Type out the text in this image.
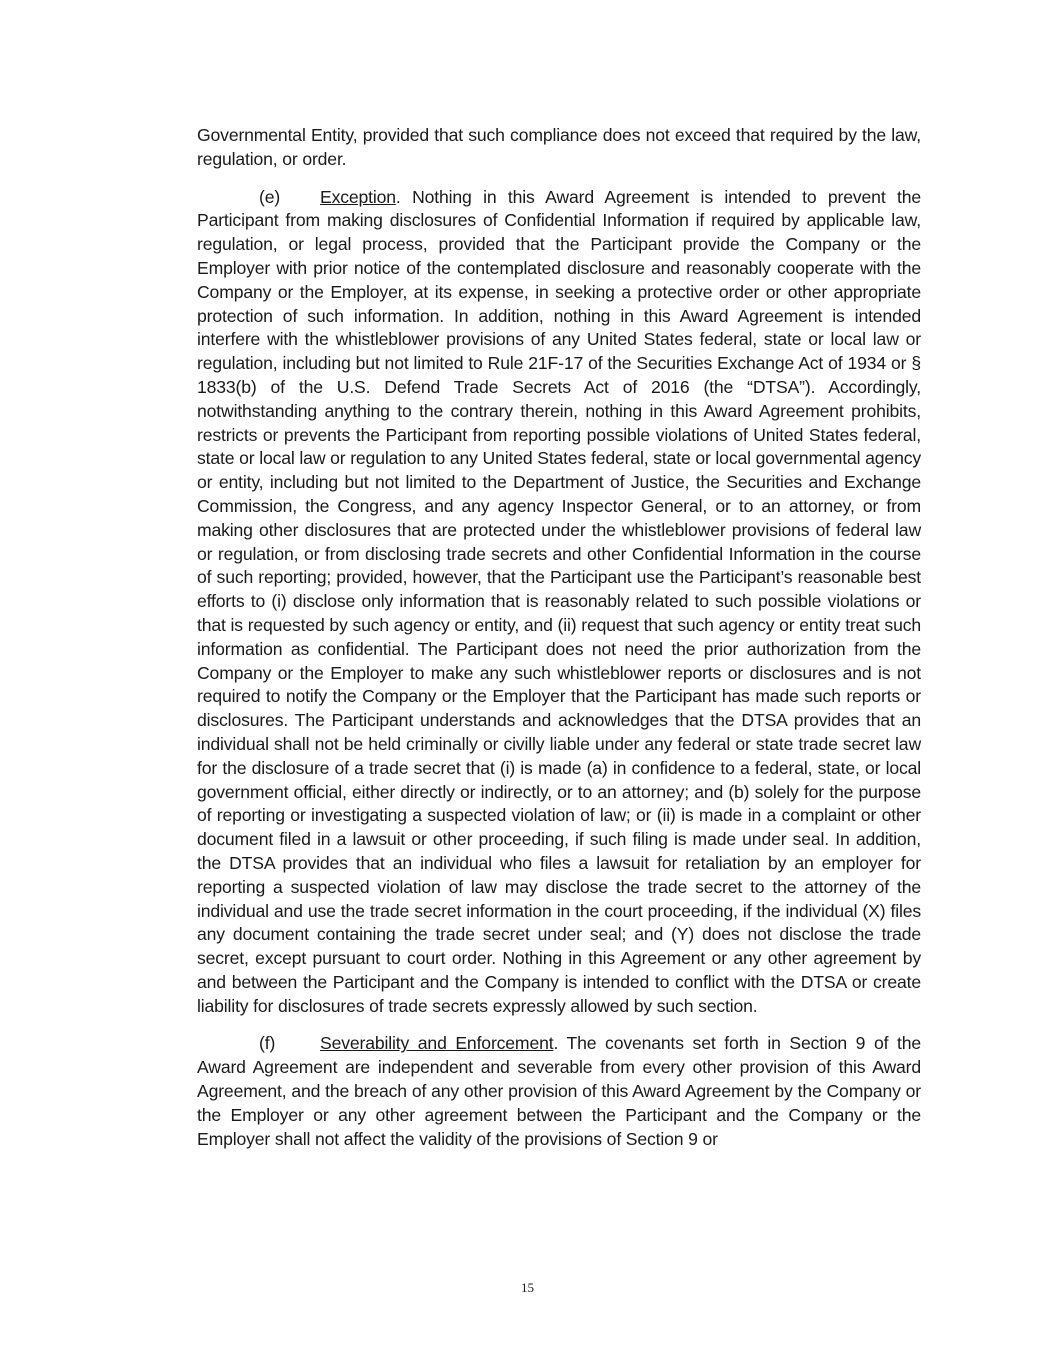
Governmental Entity, provided that such compliance does not exceed that required by the law, regulation, or order.

(e) Exception. Nothing in this Award Agreement is intended to prevent the Participant from making disclosures of Confidential Information if required by applicable law, regulation, or legal process, provided that the Participant provide the Company or the Employer with prior notice of the contemplated disclosure and reasonably cooperate with the Company or the Employer, at its expense, in seeking a protective order or other appropriate protection of such information. In addition, nothing in this Award Agreement is intended interfere with the whistleblower provisions of any United States federal, state or local law or regulation, including but not limited to Rule 21F-17 of the Securities Exchange Act of 1934 or § 1833(b) of the U.S. Defend Trade Secrets Act of 2016 (the “DTSA”). Accordingly, notwithstanding anything to the contrary therein, nothing in this Award Agreement prohibits, restricts or prevents the Participant from reporting possible violations of United States federal, state or local law or regulation to any United States federal, state or local governmental agency or entity, including but not limited to the Department of Justice, the Securities and Exchange Commission, the Congress, and any agency Inspector General, or to an attorney, or from making other disclosures that are protected under the whistleblower provisions of federal law or regulation, or from disclosing trade secrets and other Confidential Information in the course of such reporting; provided, however, that the Participant use the Participant’s reasonable best efforts to (i) disclose only information that is reasonably related to such possible violations or that is requested by such agency or entity, and (ii) request that such agency or entity treat such information as confidential. The Participant does not need the prior authorization from the Company or the Employer to make any such whistleblower reports or disclosures and is not required to notify the Company or the Employer that the Participant has made such reports or disclosures. The Participant understands and acknowledges that the DTSA provides that an individual shall not be held criminally or civilly liable under any federal or state trade secret law for the disclosure of a trade secret that (i) is made (a) in confidence to a federal, state, or local government official, either directly or indirectly, or to an attorney; and (b) solely for the purpose of reporting or investigating a suspected violation of law; or (ii) is made in a complaint or other document filed in a lawsuit or other proceeding, if such filing is made under seal. In addition, the DTSA provides that an individual who files a lawsuit for retaliation by an employer for reporting a suspected violation of law may disclose the trade secret to the attorney of the individual and use the trade secret information in the court proceeding, if the individual (X) files any document containing the trade secret under seal; and (Y) does not disclose the trade secret, except pursuant to court order. Nothing in this Agreement or any other agreement by and between the Participant and the Company is intended to conflict with the DTSA or create liability for disclosures of trade secrets expressly allowed by such section.

(f)	Severability and Enforcement. The covenants set forth in Section 9 of the Award Agreement are independent and severable from every other provision of this Award Agreement, and the breach of any other provision of this Award Agreement by the Company or the Employer or any other agreement between the Participant and the Company or the Employer shall not affect the validity of the provisions of Section 9 or

15
